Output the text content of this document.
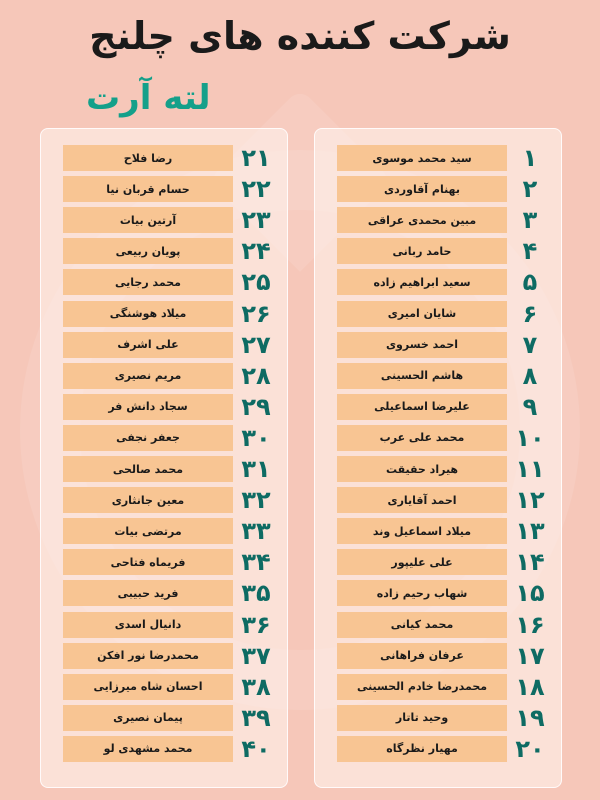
شرکت کننده های چلنج
لته آرت
سید محمد موسوی	۱
بهنام آقاوردی	۲
مبین محمدی عراقی	۳
حامد ربانی	۴
سعید ابراهیم زاده	۵
شایان امیری	۶
احمد خسروی	۷
هاشم الحسینی	۸
علیرضا اسماعیلی	۹
محمد علی عرب	۱۰
هیراد حقیقت	۱۱
احمد آقایاری	۱۲
میلاد اسماعیل وند	۱۳
علی علیپور	۱۴
شهاب رحیم زاده	۱۵
محمد کیانی	۱۶
عرفان فراهانی	۱۷
محمدرضا خادم الحسینی	۱۸
وحید تاتار	۱۹
مهیار نظرگاه	۲۰
رضا فلاح	۲۱
حسام قربان نیا	۲۲
آرتین بیات	۲۳
پویان ربیعی	۲۴
محمد رجایی	۲۵
میلاد هوشنگی	۲۶
علی اشرف	۲۷
مریم نصیری	۲۸
سجاد دانش فر	۲۹
جعفر نجفی	۳۰
محمد صالحی	۳۱
معین جانثاری	۳۲
مرتضی بیات	۳۳
فریماه فتاحی	۳۴
فرید حبیبی	۳۵
دانیال اسدی	۳۶
محمدرضا نور افکن	۳۷
احسان شاه میرزایی	۳۸
پیمان نصیری	۳۹
محمد مشهدی لو	۴۰
